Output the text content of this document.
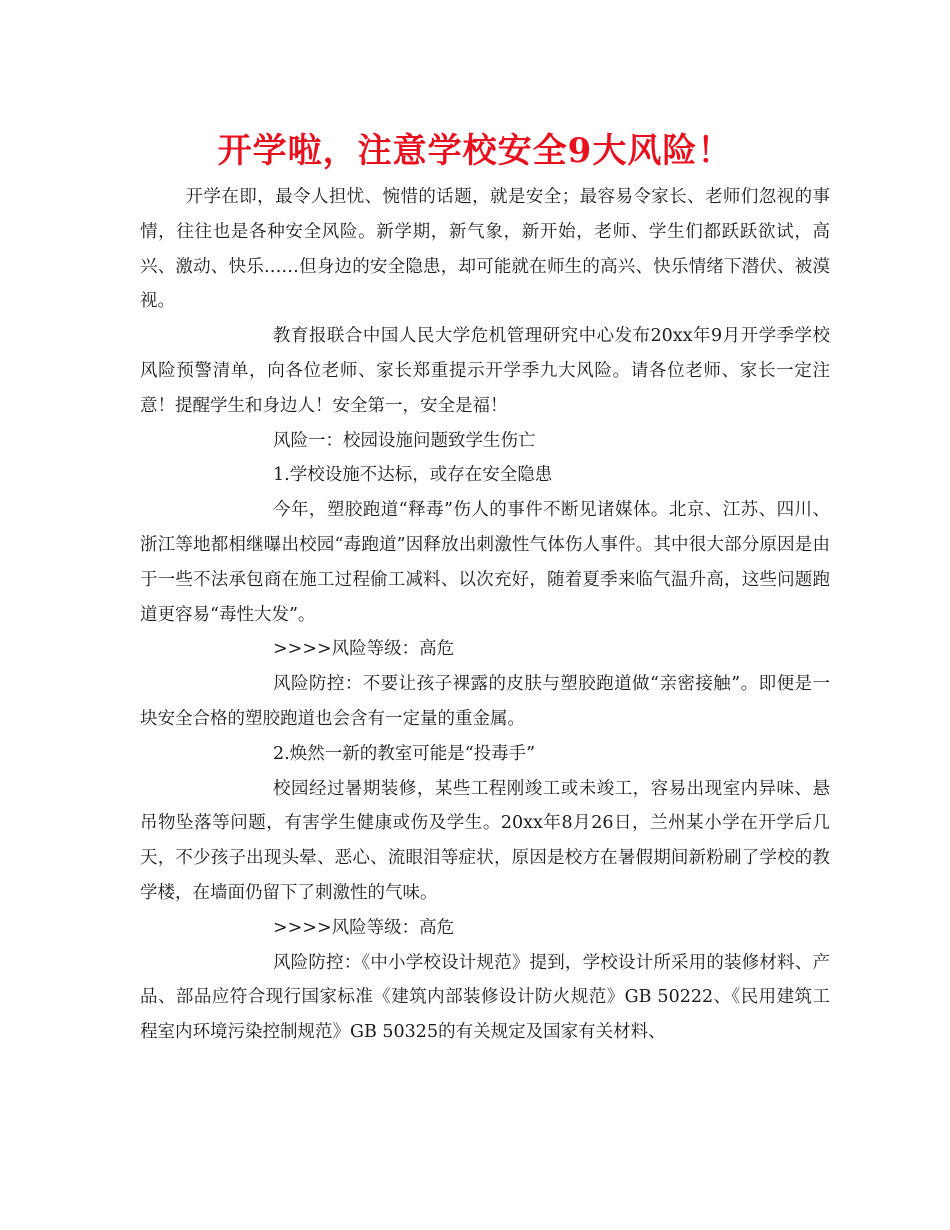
开学啦，注意学校安全9大风险！

开学在即，最令人担忧、惋惜的话题，就是安全；最容易令家长、老师们忽视的事情，往往也是各种安全风险。新学期，新气象，新开始，老师、学生们都跃跃欲试，高兴、激动、快乐……但身边的安全隐患，却可能就在师生的高兴、快乐情绪下潜伏、被漠视。

教育报联合中国人民大学危机管理研究中心发布20xx年9月开学季学校风险预警清单，向各位老师、家长郑重提示开学季九大风险。请各位老师、家长一定注意！提醒学生和身边人！安全第一，安全是福！

风险一：校园设施问题致学生伤亡

1.学校设施不达标，或存在安全隐患

今年，塑胶跑道“释毒”伤人的事件不断见诸媒体。北京、江苏、四川、浙江等地都相继曝出校园“毒跑道”因释放出刺激性气体伤人事件。其中很大部分原因是由于一些不法承包商在施工过程偷工减料、以次充好，随着夏季来临气温升高，这些问题跑道更容易“毒性大发”。

>>>>风险等级：高危

风险防控：不要让孩子裸露的皮肤与塑胶跑道做“亲密接触”。即便是一块安全合格的塑胶跑道也会含有一定量的重金属。

2.焕然一新的教室可能是“投毒手”

校园经过暑期装修，某些工程刚竣工或未竣工，容易出现室内异味、悬吊物坠落等问题，有害学生健康或伤及学生。20xx年8月26日，兰州某小学在开学后几天，不少孩子出现头晕、恶心、流眼泪等症状，原因是校方在暑假期间新粉刷了学校的教学楼，在墙面仍留下了刺激性的气味。

>>>>风险等级：高危

风险防控：《中小学校设计规范》提到，学校设计所采用的装修材料、产品、部品应符合现行国家标准《建筑内部装修设计防火规范》GB 50222、《民用建筑工程室内环境污染控制规范》GB 50325的有关规定及国家有关材料、
